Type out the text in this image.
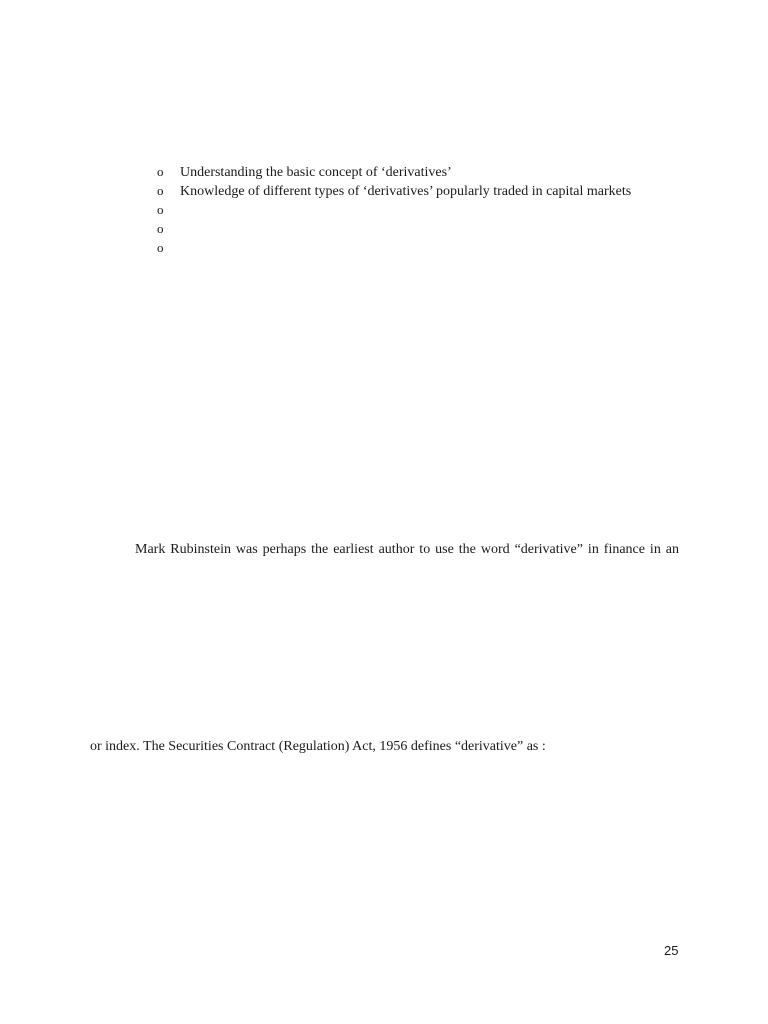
o	Understanding the basic concept of ‘derivatives’
o	Knowledge of different types of ‘derivatives’ popularly traded in capital markets
o
o
o
Mark Rubinstein was perhaps the earliest author to use the word “derivative” in finance in an
or index. The Securities Contract (Regulation) Act, 1956 defines “derivative” as :
25
